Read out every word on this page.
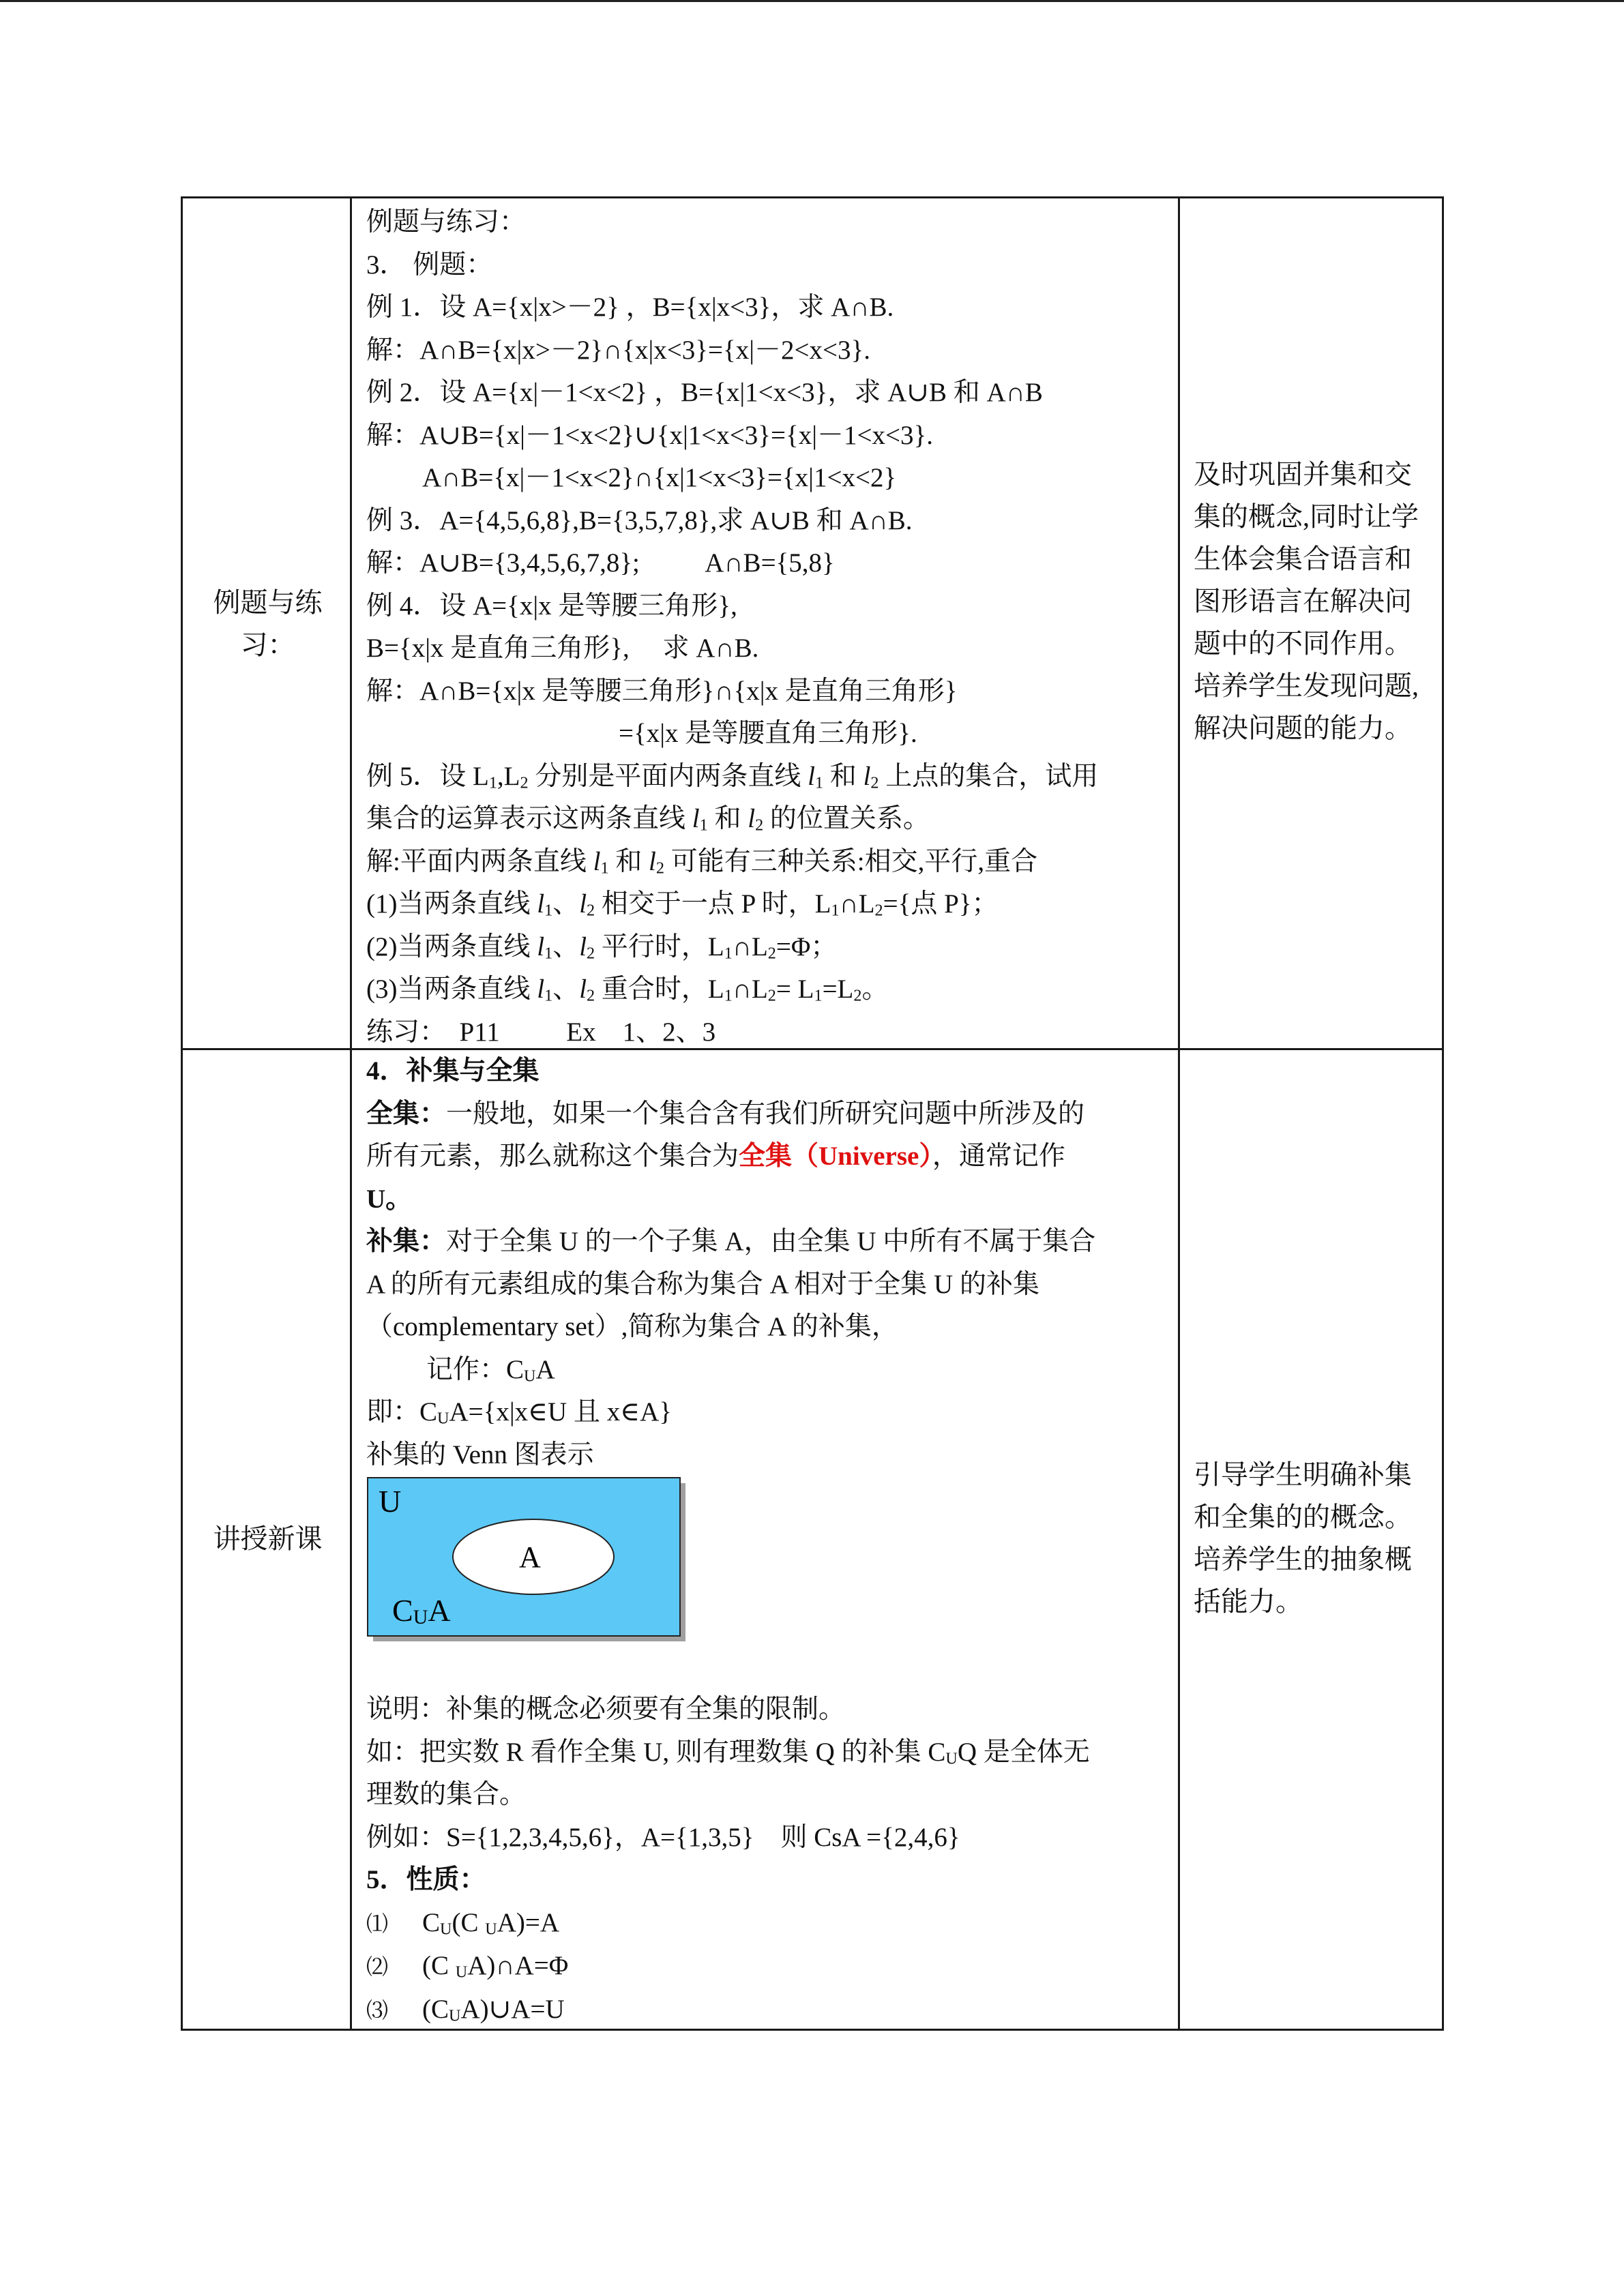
例题与练
习：
及时巩固并集和交集的概念,同时让学生体会集合语言和图形语言在解决问题中的不同作用。培养学生发现问题,解决问题的能力。
例题与练习：
3． 例题：
例 1．设 A={x|x>－2} ，B={x|x<3}，求 A∩B.
解：A∩B={x|x>－2}∩{x|x<3}={x|－2<x<3}.
例 2．设 A={x|－1<x<2} ，B={x|1<x<3}，求 A∪B 和 A∩B
解：A∪B={x|－1<x<2}∪{x|1<x<3}={x|－1<x<3}.
A∩B={x|－1<x<2}∩{x|1<x<3}={x|1<x<2}
例 3．A={4,5,6,8},B={3,5,7,8},求 A∪B 和 A∩B.
解：A∪B={3,4,5,6,7,8};          A∩B={5,8}
例 4．设 A={x|x 是等腰三角形},
B={x|x 是直角三角形},     求 A∩B.
解：A∩B={x|x 是等腰三角形}∩{x|x 是直角三角形}
={x|x 是等腰直角三角形}.
例 5．设 $L_1,L_2$ 分别是平面内两条直线 $l_1$ 和 $l_2$ 上点的集合，试用
集合的运算表示这两条直线 $l_1$ 和 $l_2$ 的位置关系。
解:平面内两条直线 $l_1$ 和 $l_2$ 可能有三种关系:相交,平行,重合
(1)当两条直线 $l_1$、$l_2$ 相交于一点 P 时，$L_1\cap L_2=${点 P}；
(2)当两条直线 $l_1$、$l_2$ 平行时，$L_1\cap L_2=\Phi$；
(3)当两条直线 $l_1$、$l_2$ 重合时，$L_1\cap L_2= L_1=L_2$。
练习：  P11          Ex    1、2、3
讲授新课
引导学生明确补集和全集的的概念。培养学生的抽象概括能力。
4．补集与全集
全集：一般地，如果一个集合含有我们所研究问题中所涉及的
所有元素，那么就称这个集合为全集（Universe），通常记作
U。
补集：对于全集 U 的一个子集 A，由全集 U 中所有不属于集合
A 的所有元素组成的集合称为集合 A 相对于全集 U 的补集
（complementary set）,简称为集合 A 的补集，
记作：$C_UA$
即：$C_UA=\{x|x\in U$ 且 x∈A}
补集的 Venn 图表示
U
A
CUA
说明：补集的概念必须要有全集的限制。
如：把实数 R 看作全集 U, 则有理数集 Q 的补集 $C_UQ$ 是全体无
理数的集合。
例如：S={1,2,3,4,5,6}，A={1,3,5}    则 CsA ={2,4,6}
5．性质：
⑴ $C_U(C$ $_U$A)=A
⑵ (C $_U$A)∩A=Φ
⑶ $(C_UA)\cup A=U$
